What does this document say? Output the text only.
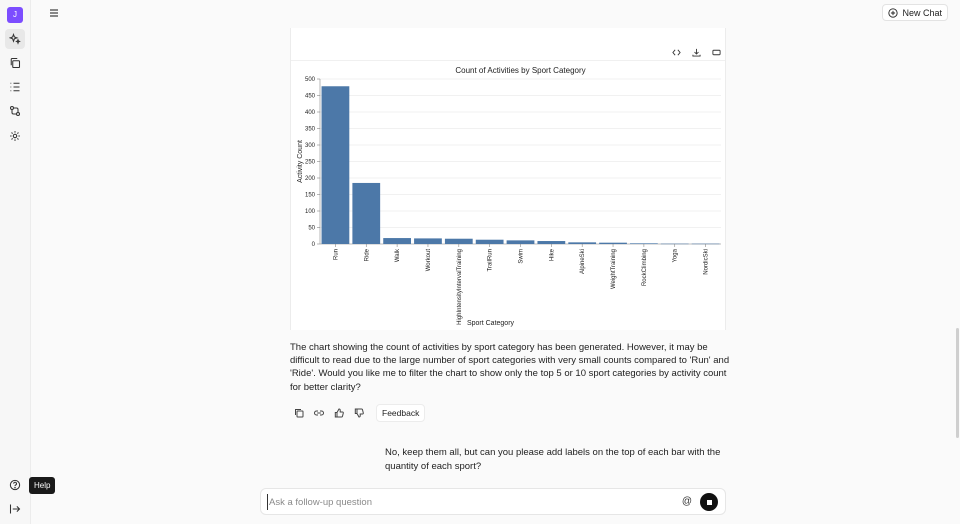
J
Help
New Chat
Count of Activities by Sport Category
0
50
100
150
200
250
300
350
400
450
500
Run	Ride	Walk	Workout	HighIntensityIntervalTraining	TrailRun	Swim	Hike	AlpineSki	WeightTraining	RockClimbing	Yoga	NordicSki
Sport Category
Activity Count
The chart showing the count of activities by sport category has been generated. However, it may be difficult to read due to the large number of sport categories with very small counts compared to 'Run' and 'Ride'. Would you like me to filter the chart to show only the top 5 or 10 sport categories by activity count for better clarity?
Feedback
No, keep them all, but can you please add labels on the top of each bar with the quantity of each sport?
Ask a follow-up question
@
